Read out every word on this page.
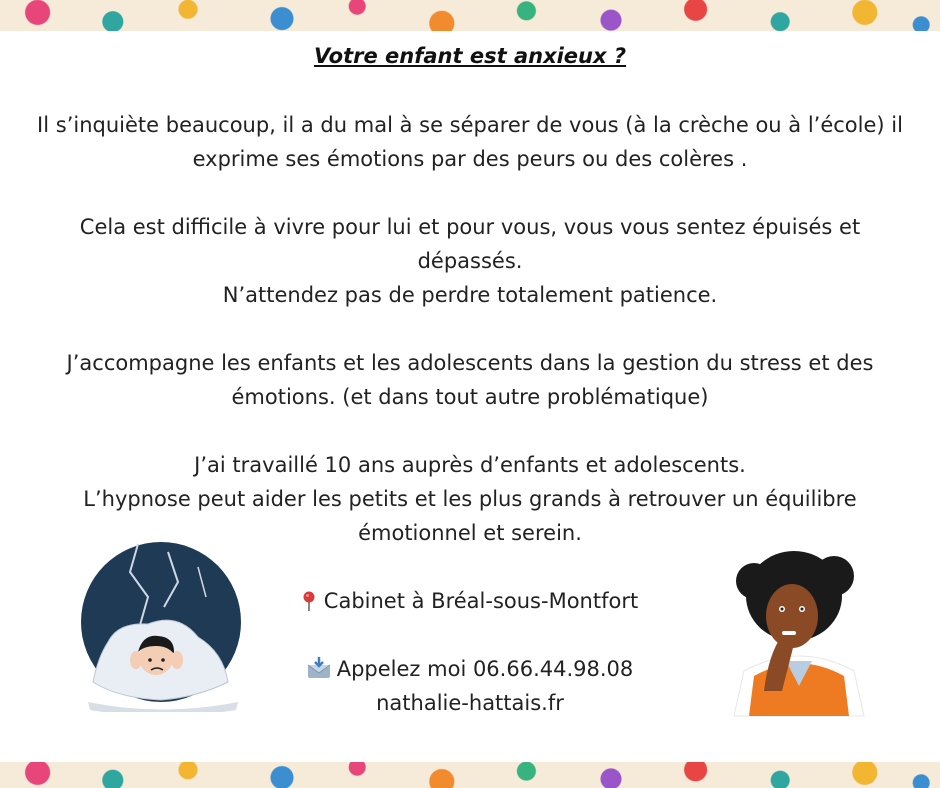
Votre enfant est anxieux ?

Il s’inquiète beaucoup, il a du mal à se séparer de vous (à la crèche ou à l’école) il exprime ses émotions par des peurs ou des colères .

Cela est difficile à vivre pour lui et pour vous, vous vous sentez épuisés et dépassés.

N’attendez pas de perdre totalement patience.

J’accompagne les enfants et les adolescents dans la gestion du stress et des émotions. (et dans tout autre problématique)

J’ai travaillé 10 ans auprès d’enfants et adolescents.

L’hypnose peut aider les petits et les plus grands à retrouver un équilibre émotionnel et serein.

Cabinet à Bréal-sous-Montfort

Appelez moi 06.66.44.98.08

nathalie-hattais.fr
